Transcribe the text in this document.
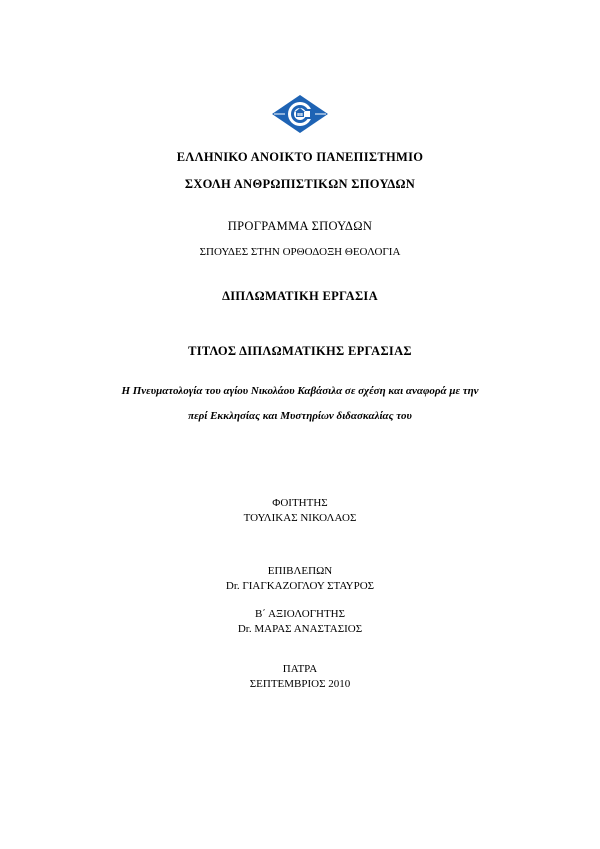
ΕΛΛΗΝΙΚΟ ΑΝΟΙΚΤΟ ΠΑΝΕΠΙΣΤΗΜΙΟ
ΣΧΟΛΗ ΑΝΘΡΩΠΙΣΤΙΚΩΝ ΣΠΟΥΔΩΝ
ΠΡΟΓΡΑΜΜΑ ΣΠΟΥΔΩΝ
ΣΠΟΥΔΕΣ ΣΤΗΝ ΟΡΘΟΔΟΞΗ ΘΕΟΛΟΓΙΑ
ΔΙΠΛΩΜΑΤΙΚΗ ΕΡΓΑΣΙΑ
ΤΙΤΛΟΣ ΔΙΠΛΩΜΑΤΙΚΗΣ ΕΡΓΑΣΙΑΣ
Η Πνευματολογία του αγίου Νικολάου Καβάσιλα σε σχέση και αναφορά με την
περί Εκκλησίας και Μυστηρίων διδασκαλίας του
ΦΟΙΤΗΤΗΣ
ΤΟΥΛΙΚΑΣ ΝΙΚΟΛΑΟΣ
ΕΠΙΒΛΕΠΩΝ
Dr. ΓΙΑΓΚΑΖΟΓΛΟΥ ΣΤΑΥΡΟΣ
Β΄ ΑΞΙΟΛΟΓΗΤΗΣ
Dr. ΜΑΡΑΣ ΑΝΑΣΤΑΣΙΟΣ
ΠΑΤΡΑ
ΣΕΠΤΕΜΒΡΙΟΣ 2010
